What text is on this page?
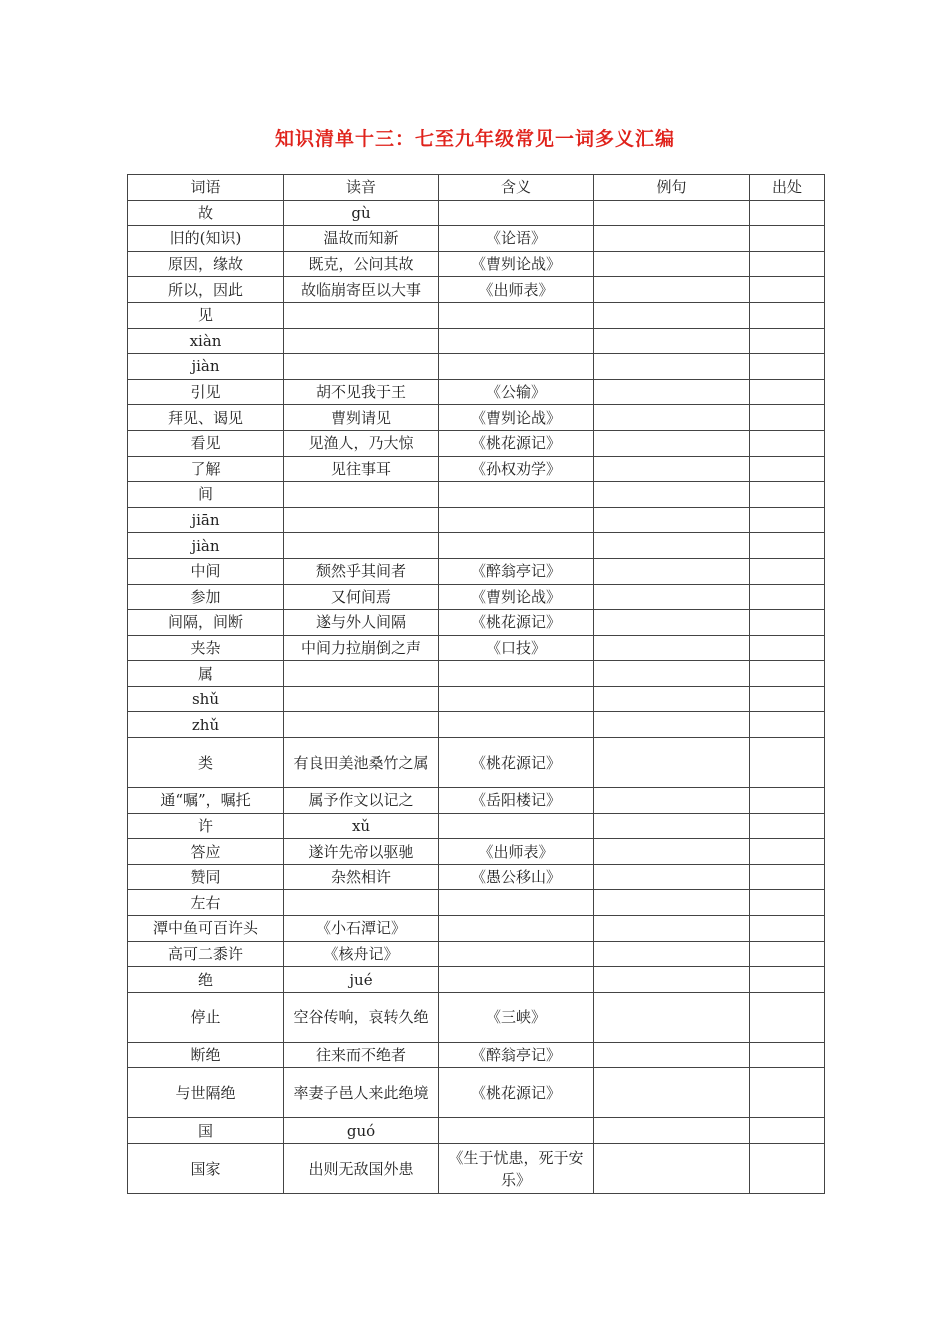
知识清单十三：七至九年级常见一词多义汇编
词语	读音	含义	例句	出处
故	gù			
旧的(知识)	温故而知新	《论语》		
原因，缘故	既克，公问其故	《曹刿论战》		
所以，因此	故临崩寄臣以大事	《出师表》		
见				
xiàn				
jiàn				
引见	胡不见我于王	《公输》		
拜见、谒见	曹刿请见	《曹刿论战》		
看见	见渔人，乃大惊	《桃花源记》		
了解	见往事耳	《孙权劝学》		
间				
jiān				
jiàn				
中间	颓然乎其间者	《醉翁亭记》		
参加	又何间焉	《曹刿论战》		
间隔，间断	遂与外人间隔	《桃花源记》		
夹杂	中间力拉崩倒之声	《口技》		
属				
shǔ				
zhǔ				
类	有良田美池桑竹之属	《桃花源记》		
通“嘱”，嘱托	属予作文以记之	《岳阳楼记》		
许	xǔ			
答应	遂许先帝以驱驰	《出师表》		
赞同	杂然相许	《愚公移山》		
左右				
潭中鱼可百许头	《小石潭记》			
高可二黍许	《核舟记》			
绝	jué			
停止	空谷传响，哀转久绝	《三峡》		
断绝	往来而不绝者	《醉翁亭记》		
与世隔绝	率妻子邑人来此绝境	《桃花源记》		
国	guó			
国家	出则无敌国外患	《生于忧患，死于安乐》		
